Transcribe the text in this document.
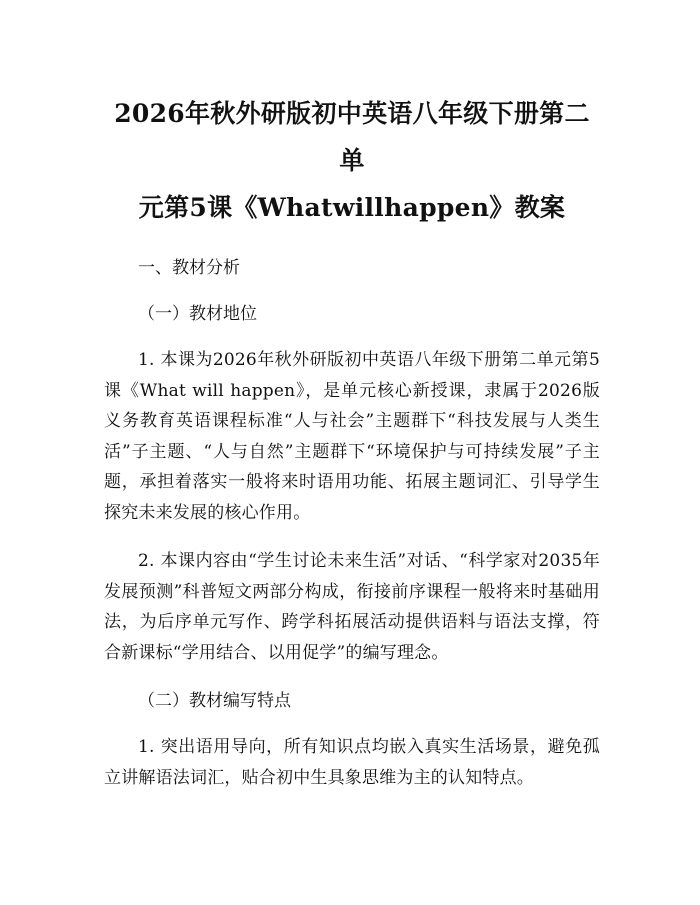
2026年秋外研版初中英语八年级下册第二单
元第5课《Whatwillhappen》教案
一、教材分析
（一）教材地位

1. 本课为2026年秋外研版初中英语八年级下册第二单元第5课《What will happen》，是单元核心新授课，隶属于2026版义务教育英语课程标准“人与社会”主题群下“科技发展与人类生活”子主题、“人与自然”主题群下“环境保护与可持续发展”子主题，承担着落实一般将来时语用功能、拓展主题词汇、引导学生探究未来发展的核心作用。

2. 本课内容由“学生讨论未来生活”对话、“科学家对2035年发展预测”科普短文两部分构成，衔接前序课程一般将来时基础用法，为后序单元写作、跨学科拓展活动提供语料与语法支撑，符合新课标“学用结合、以用促学”的编写理念。

（二）教材编写特点

1. 突出语用导向，所有知识点均嵌入真实生活场景，避免孤立讲解语法词汇，贴合初中生具象思维为主的认知特点。
